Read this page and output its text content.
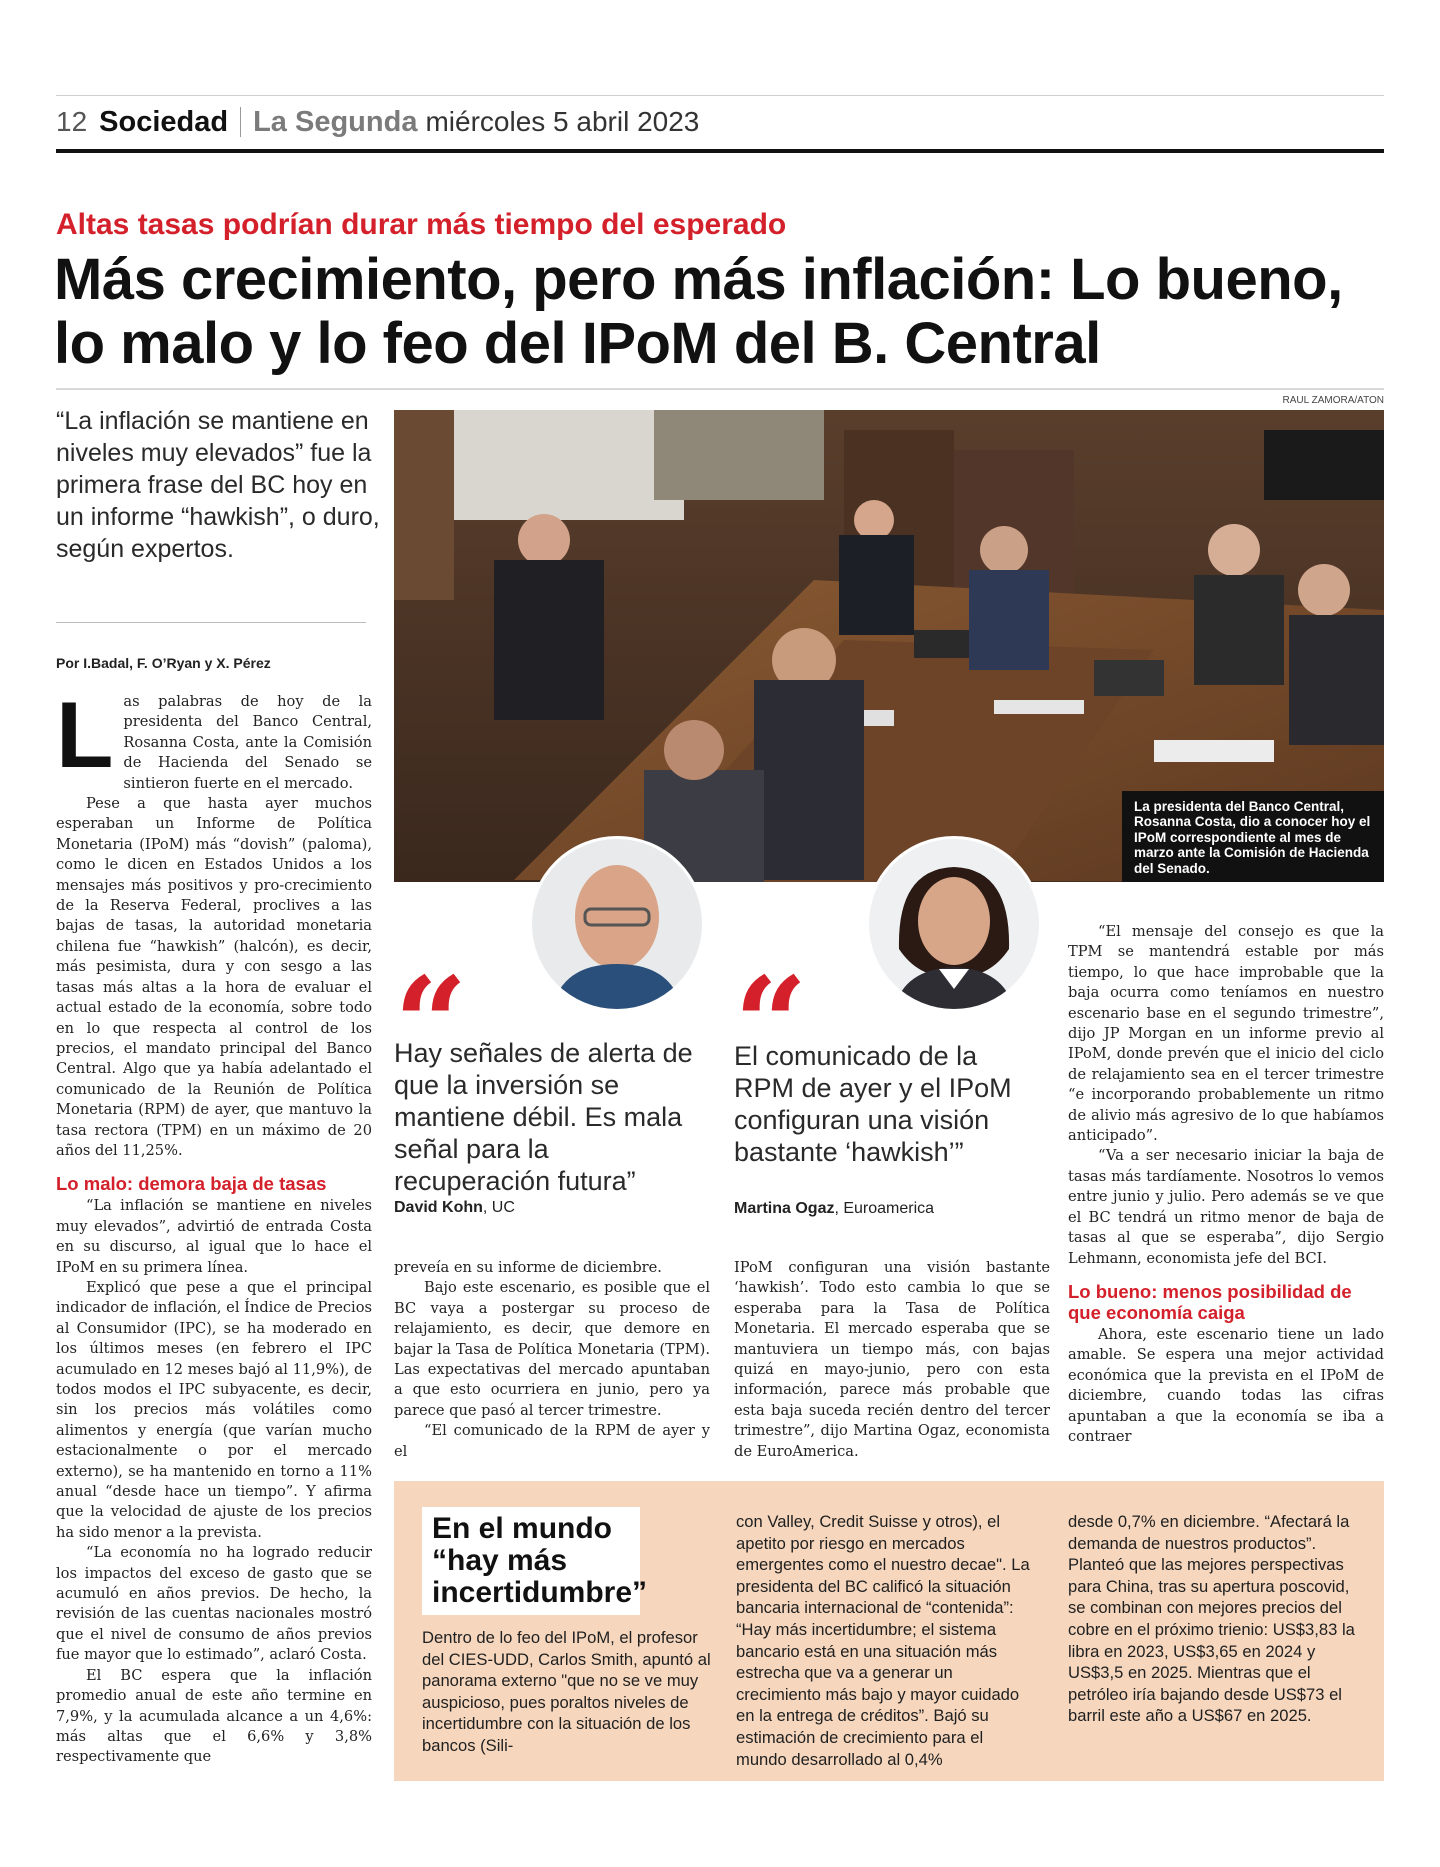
12 Sociedad La Segunda miércoles 5 abril 2023
Altas tasas podrían durar más tiempo del esperado
Más crecimiento, pero más inflación: Lo bueno, lo malo y lo feo del IPoM del B. Central
RAUL ZAMORA/ATON
“La inflación se mantiene en niveles muy elevados” fue la primera frase del BC hoy en un informe “hawkish”, o duro, según expertos.
Por I.Badal, F. O’Ryan y X. Pérez
L as palabras de hoy de la presidenta del Banco Central, Rosanna Costa, ante la Comisión de Hacienda del Senado se sintieron fuerte en el mercado.

Pese a que hasta ayer muchos esperaban un Informe de Política Monetaria (IPoM) más “dovish” (paloma), como le dicen en Estados Unidos a los mensajes más positivos y pro-crecimiento de la Reserva Federal, proclives a las bajas de tasas, la autoridad monetaria chilena fue “hawkish” (halcón), es decir, más pesimista, dura y con sesgo a las tasas más altas a la hora de evaluar el actual estado de la economía, sobre todo en lo que respecta al control de los precios, el mandato principal del Banco Central. Algo que ya había adelantado el comunicado de la Reunión de Política Monetaria (RPM) de ayer, que mantuvo la tasa rectora (TPM) en un máximo de 20 años del 11,25%.

Lo malo: demora baja de tasas

“La inflación se mantiene en niveles muy elevados”, advirtió de entrada Costa en su discurso, al igual que lo hace el IPoM en su primera línea.

Explicó que pese a que el principal indicador de inflación, el Índice de Precios al Consumidor (IPC), se ha moderado en los últimos meses (en febrero el IPC acumulado en 12 meses bajó al 11,9%), de todos modos el IPC subyacente, es decir, sin los precios más volátiles como alimentos y energía (que varían mucho estacionalmente o por el mercado externo), se ha mantenido en torno a 11% anual “desde hace un tiempo”. Y afirma que la velocidad de ajuste de los precios ha sido menor a la prevista.

“La economía no ha logrado reducir los impactos del exceso de gasto que se acumuló en años previos. De hecho, la revisión de las cuentas nacionales mostró que el nivel de consumo de años previos fue mayor que lo estimado”, aclaró Costa.

El BC espera que la inflación promedio anual de este año termine en 7,9%, y la acumulada alcance a un 4,6%: más altas que el 6,6% y 3,8% respectivamente que

La presidenta del Banco Central, Rosanna Costa, dio a conocer hoy el IPoM correspondiente al mes de marzo ante la Comisión de Hacienda del Senado.
“
Hay señales de alerta de que la inversión se mantiene débil. Es mala señal para la recuperación futura”
David Kohn, UC
“
El comunicado de la RPM de ayer y el IPoM configuran una visión bastante ‘hawkish’”
Martina Ogaz, Euroamerica

preveía en su informe de diciembre.

Bajo este escenario, es posible que el BC vaya a postergar su proceso de relajamiento, es decir, que demore en bajar la Tasa de Política Monetaria (TPM). Las expectativas del mercado apuntaban a que esto ocurriera en junio, pero ya parece que pasó al tercer trimestre.

“El comunicado de la RPM de ayer y el

IPoM configuran una visión bastante ‘hawkish’. Todo esto cambia lo que se esperaba para la Tasa de Política Monetaria. El mercado esperaba que se mantuviera un tiempo más, con bajas quizá en mayo-junio, pero con esta información, parece más probable que esta baja suceda recién dentro del tercer trimestre”, dijo Martina Ogaz, economista de EuroAmerica.

“El mensaje del consejo es que la TPM se mantendrá estable por más tiempo, lo que hace improbable que la baja ocurra como teníamos en nuestro escenario base en el segundo trimestre”, dijo JP Morgan en un informe previo al IPoM, donde prevén que el inicio del ciclo de relajamiento sea en el tercer trimestre “e incorporando probablemente un ritmo de alivio más agresivo de lo que habíamos anticipado”.

“Va a ser necesario iniciar la baja de tasas más tardíamente. Nosotros lo vemos entre junio y julio. Pero además se ve que el BC tendrá un ritmo menor de baja de tasas al que se esperaba”, dijo Sergio Lehmann, economista jefe del BCI.

Lo bueno: menos posibilidad de que economía caiga

Ahora, este escenario tiene un lado amable. Se espera una mejor actividad económica que la prevista en el IPoM de diciembre, cuando todas las cifras apuntaban a que la economía se iba a contraer

En el mundo “hay más incertidumbre”
Dentro de lo feo del IPoM, el profesor del CIES-UDD, Carlos Smith, apuntó al panorama externo "que no se ve muy auspicioso, pues poraltos niveles de incertidumbre con la situación de los bancos (Sili-
con Valley, Credit Suisse y otros), el apetito por riesgo en mercados emergentes como el nuestro decae". La presidenta del BC calificó la situación bancaria internacional de “contenida”: “Hay más incertidumbre; el sistema bancario está en una situación más estrecha que va a generar un crecimiento más bajo y mayor cuidado en la entrega de créditos”. Bajó su estimación de crecimiento para el mundo desarrollado al 0,4%
desde 0,7% en diciembre. “Afectará la demanda de nuestros productos”.
Planteó que las mejores perspectivas para China, tras su apertura poscovid, se combinan con mejores precios del cobre en el próximo trienio: US$3,83 la libra en 2023, US$3,65 en 2024 y US$3,5 en 2025. Mientras que el petróleo iría bajando desde US$73 el barril este año a US$67 en 2025.
